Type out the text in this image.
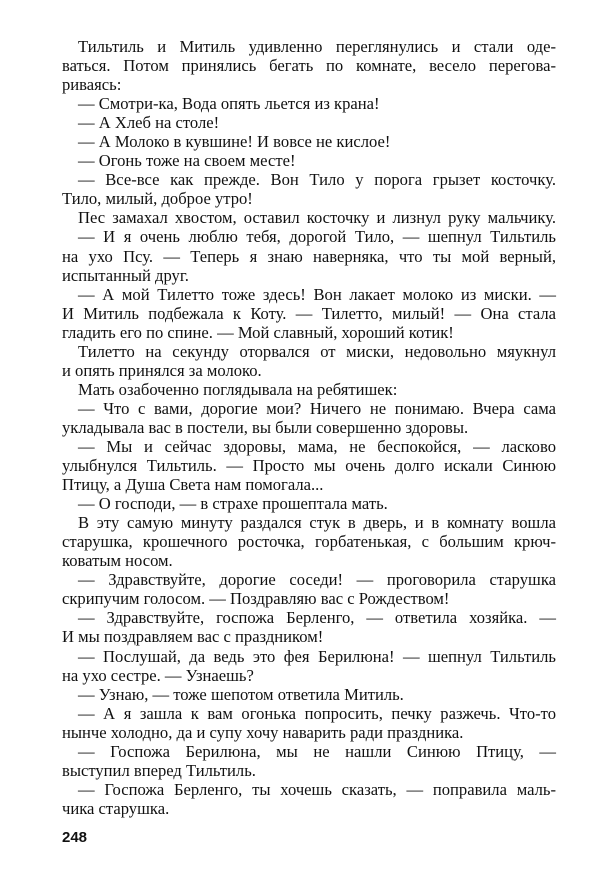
Тильтиль и Митиль удивленно переглянулись и стали оде-
ваться. Потом принялись бегать по комнате, весело перегова-
риваясь:
— Смотри-ка, Вода опять льется из крана!
— А Хлеб на столе!
— А Молоко в кувшине! И вовсе не кислое!
— Огонь тоже на своем месте!
— Все-все как прежде. Вон Тило у порога грызет косточку.
Тило, милый, доброе утро!
Пес замахал хвостом, оставил косточку и лизнул руку мальчику.
— И я очень люблю тебя, дорогой Тило, — шепнул Тильтиль
на ухо Псу. — Теперь я знаю наверняка, что ты мой верный,
испытанный друг.
— А мой Тилетто тоже здесь! Вон лакает молоко из миски. —
И Митиль подбежала к Коту. — Тилетто, милый! — Она стала
гладить его по спине. — Мой славный, хороший котик!
Тилетто на секунду оторвался от миски, недовольно мяукнул
и опять принялся за молоко.
Мать озабоченно поглядывала на ребятишек:
— Что с вами, дорогие мои? Ничего не понимаю. Вчера сама
укладывала вас в постели, вы были совершенно здоровы.
— Мы и сейчас здоровы, мама, не беспокойся, — ласково
улыбнулся Тильтиль. — Просто мы очень долго искали Синюю
Птицу, а Душа Света нам помогала...
— О господи, — в страхе прошептала мать.
В эту самую минуту раздался стук в дверь, и в комнату вошла
старушка, крошечного росточка, горбатенькая, с большим крюч-
коватым носом.
— Здравствуйте, дорогие соседи! — проговорила старушка
скрипучим голосом. — Поздравляю вас с Рождеством!
— Здравствуйте, госпожа Берленго, — ответила хозяйка. —
И мы поздравляем вас с праздником!
— Послушай, да ведь это фея Берилюна! — шепнул Тильтиль
на ухо сестре. — Узнаешь?
— Узнаю, — тоже шепотом ответила Митиль.
— А я зашла к вам огонька попросить, печку разжечь. Что-то
нынче холодно, да и супу хочу наварить ради праздника.
— Госпожа Берилюна, мы не нашли Синюю Птицу, —
выступил вперед Тильтиль.
— Госпожа Берленго, ты хочешь сказать, — поправила маль-
чика старушка.
248
